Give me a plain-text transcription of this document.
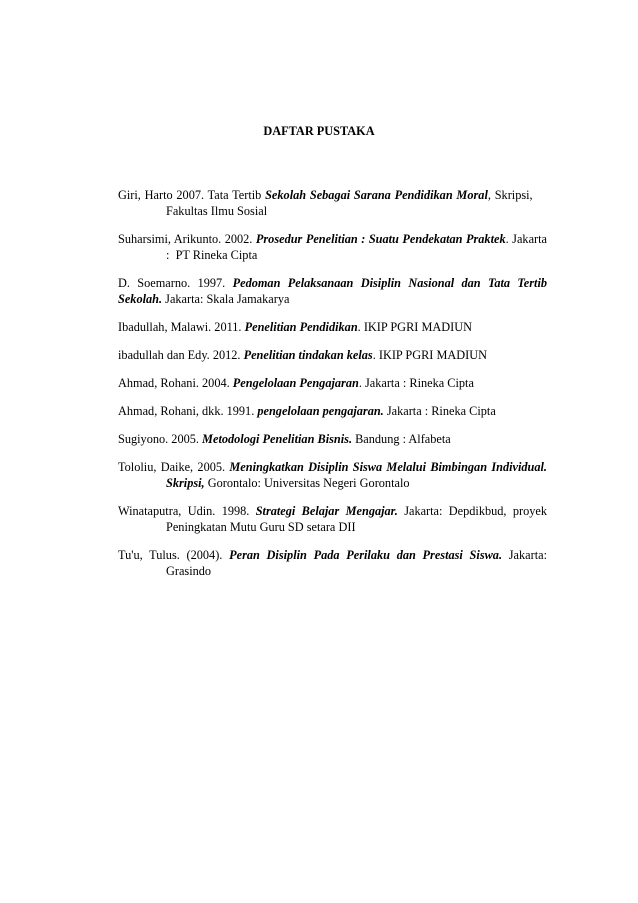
DAFTAR PUSTAKA

Giri, Harto 2007. Tata Tertib Sekolah Sebagai Sarana Pendidikan Moral, Skripsi,     Fakultas Ilmu Sosial

Suharsimi, Arikunto. 2002. Prosedur Penelitian : Suatu Pendekatan Praktek. Jakarta :  PT Rineka Cipta

D. Soemarno. 1997. Pedoman Pelaksanaan Disiplin Nasional dan Tata Tertib Sekolah. Jakarta: Skala Jamakarya

Ibadullah, Malawi. 2011. Penelitian Pendidikan. IKIP PGRI MADIUN

ibadullah dan Edy. 2012. Penelitian tindakan kelas. IKIP PGRI MADIUN

Ahmad, Rohani. 2004. Pengelolaan Pengajaran. Jakarta : Rineka Cipta

Ahmad, Rohani, dkk. 1991. pengelolaan pengajaran. Jakarta : Rineka Cipta

Sugiyono. 2005. Metodologi Penelitian Bisnis. Bandung : Alfabeta

Tololiu, Daike, 2005. Meningkatkan Disiplin Siswa Melalui Bimbingan Individual. Skripsi, Gorontalo: Universitas Negeri Gorontalo

Winataputra, Udin. 1998. Strategi Belajar Mengajar. Jakarta: Depdikbud, proyek Peningkatan Mutu Guru SD setara DII

Tu'u, Tulus. (2004). Peran Disiplin Pada Perilaku dan Prestasi Siswa. Jakarta: Grasindo
